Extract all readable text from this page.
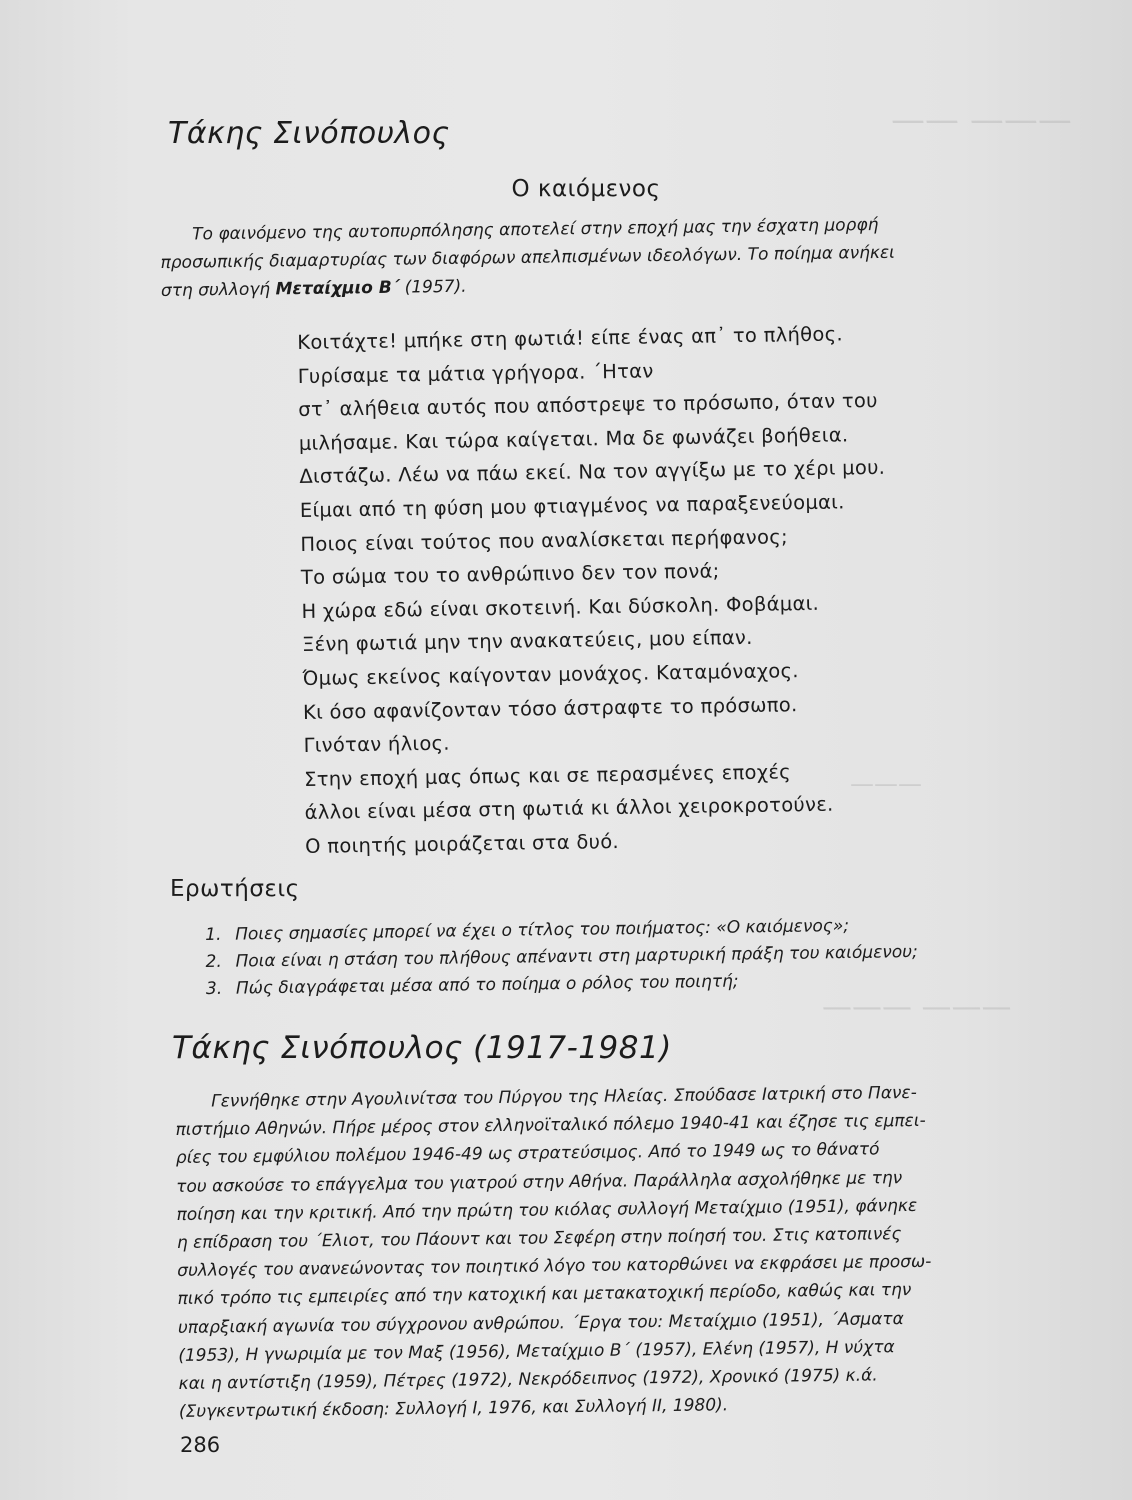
——— ——
———
——— ———
Τάκης Σινόπουλος
Ο καιόμενος

Το φαινόμενο της αυτοπυρπόλησης αποτελεί στην εποχή μας την έσχατη μορφή
προσωπικής διαμαρτυρίας των διαφόρων απελπισμένων ιδεολόγων. Το ποίημα ανήκει
στη συλλογή Μεταίχμιο Β΄ (1957).

Κοιτάχτε! μπήκε στη φωτιά! είπε ένας απ᾽ το πλήθος.
Γυρίσαμε τα μάτια γρήγορα. ΄Ηταν
στ᾽ αλήθεια αυτός που απόστρεψε το πρόσωπο, όταν του
μιλήσαμε. Και τώρα καίγεται. Μα δε φωνάζει βοήθεια.
Διστάζω. Λέω να πάω εκεί. Να τον αγγίξω με το χέρι μου.
Είμαι από τη φύση μου φτιαγμένος να παραξενεύομαι.
Ποιος είναι τούτος που αναλίσκεται περήφανος;
Το σώμα του το ανθρώπινο δεν τον πονά;
Η χώρα εδώ είναι σκοτεινή. Και δύσκολη. Φοβάμαι.
Ξένη φωτιά μην την ανακατεύεις, μου είπαν.
Όμως εκείνος καίγονταν μονάχος. Καταμόναχος.
Κι όσο αφανίζονταν τόσο άστραφτε το πρόσωπο.
Γινόταν ήλιος.
Στην εποχή μας όπως και σε περασμένες εποχές
άλλοι είναι μέσα στη φωτιά κι άλλοι χειροκροτούνε.
Ο ποιητής μοιράζεται στα δυό.
Ερωτήσεις
1. Ποιες σημασίες μπορεί να έχει ο τίτλος του ποιήματος: «Ο καιόμενος»;
2. Ποια είναι η στάση του πλήθους απέναντι στη μαρτυρική πράξη του καιόμενου;
3. Πώς διαγράφεται μέσα από το ποίημα ο ρόλος του ποιητή;
Τάκης Σινόπουλος (1917-1981)

Γεννήθηκε στην Αγουλινίτσα του Πύργου της Ηλείας. Σπούδασε Ιατρική στο Πανε-
πιστήμιο Αθηνών. Πήρε μέρος στον ελληνοϊταλικό πόλεμο 1940-41 και έζησε τις εμπει-
ρίες του εμφύλιου πολέμου 1946-49 ως στρατεύσιμος. Από το 1949 ως το θάνατό
του ασκούσε το επάγγελμα του γιατρού στην Αθήνα. Παράλληλα ασχολήθηκε με την
ποίηση και την κριτική. Από την πρώτη του κιόλας συλλογή Μεταίχμιο (1951), φάνηκε
η επίδραση του ΄Ελιοτ, του Πάουντ και του Σεφέρη στην ποίησή του. Στις κατοπινές
συλλογές του ανανεώνοντας τον ποιητικό λόγο του κατορθώνει να εκφράσει με προσω-
πικό τρόπο τις εμπειρίες από την κατοχική και μετακατοχική περίοδο, καθώς και την
υπαρξιακή αγωνία του σύγχρονου ανθρώπου. ΄Εργα του: Μεταίχμιο (1951), ΄Ασματα
(1953), Η γνωριμία με τον Μαξ (1956), Μεταίχμιο Β΄ (1957), Ελένη (1957), Η νύχτα
και η αντίστιξη (1959), Πέτρες (1972), Νεκρόδειπνος (1972), Χρονικό (1975) κ.ά.
(Συγκεντρωτική έκδοση: Συλλογή Ι, 1976, και Συλλογή ΙΙ, 1980).

286
